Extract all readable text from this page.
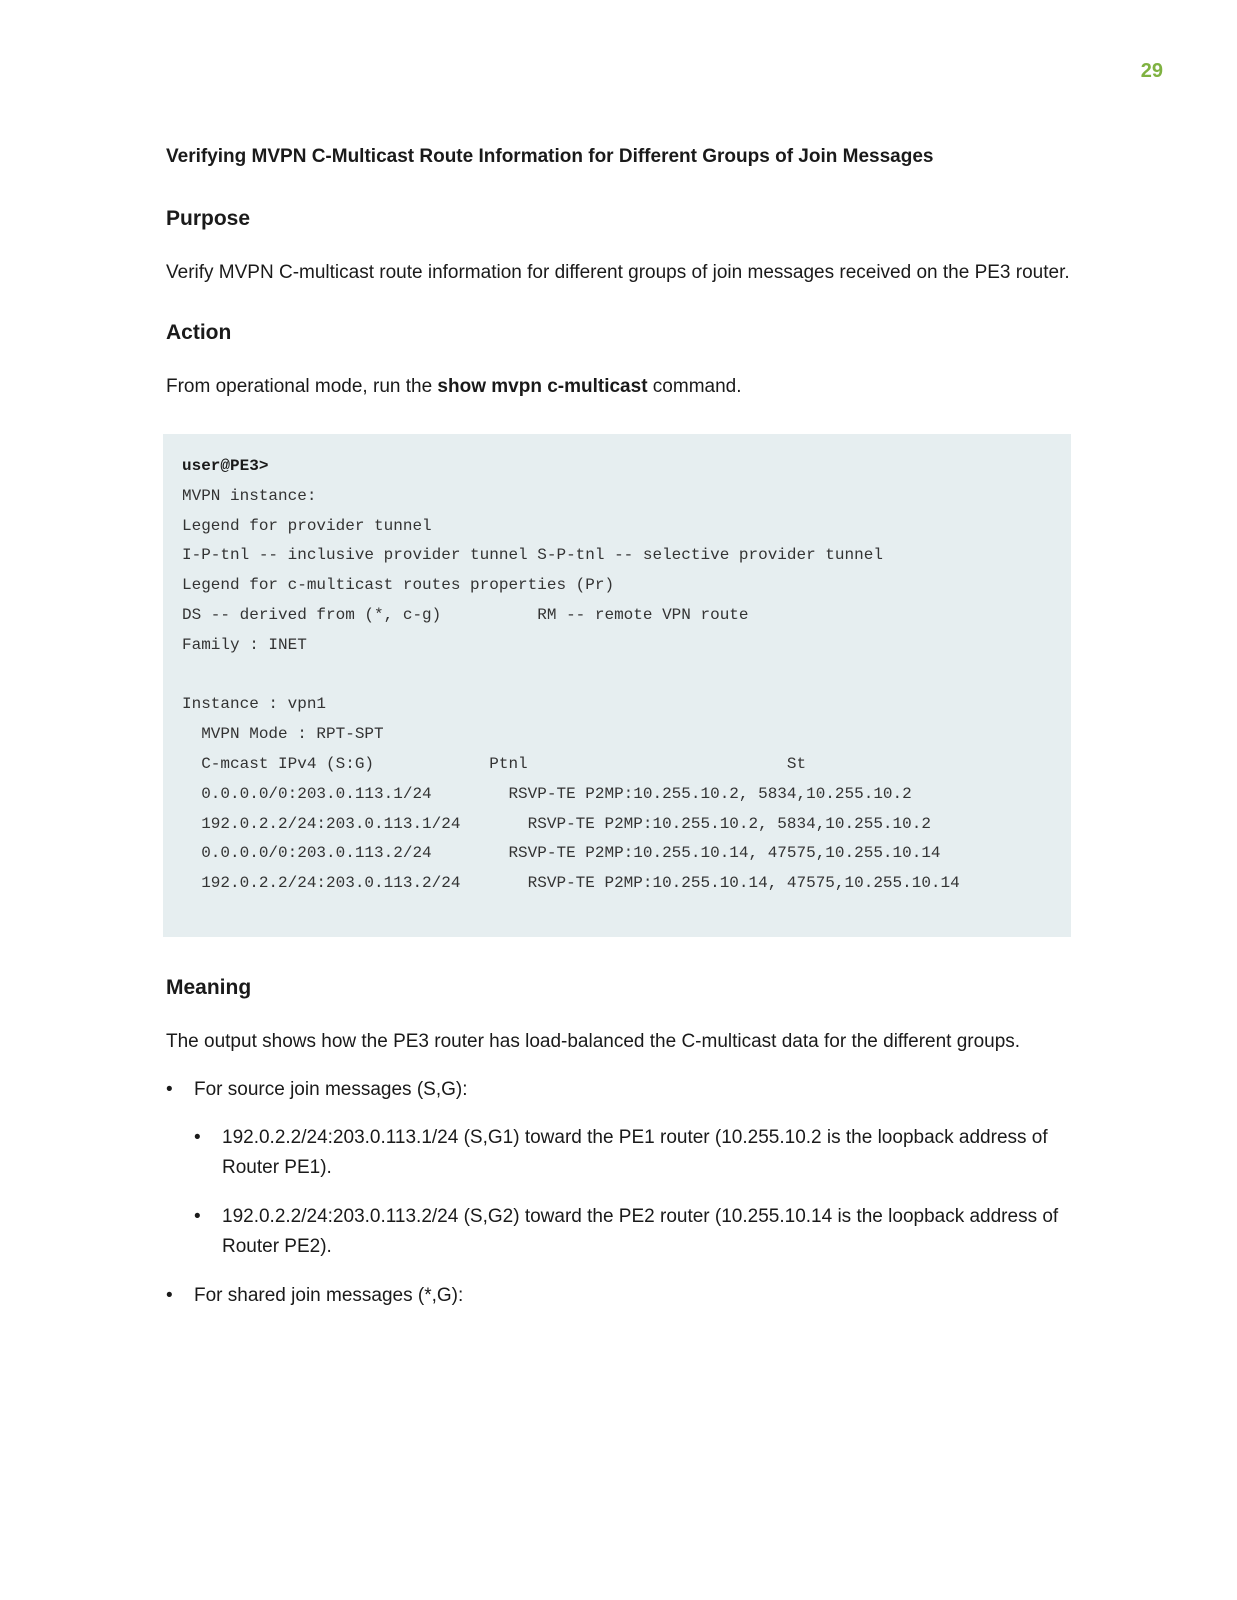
29
Verifying MVPN C-Multicast Route Information for Different Groups of Join Messages
Purpose
Verify MVPN C-multicast route information for different groups of join messages received on the PE3 router.
Action
From operational mode, run the show mvpn c-multicast command.
user@PE3>
MVPN instance:
Legend for provider tunnel
I-P-tnl -- inclusive provider tunnel S-P-tnl -- selective provider tunnel
Legend for c-multicast routes properties (Pr)
DS -- derived from (*, c-g)          RM -- remote VPN route
Family : INET
Instance : vpn1
MVPN Mode : RPT-SPT
C-mcast IPv4 (S:G)            Ptnl                           St
0.0.0.0/0:203.0.113.1/24        RSVP-TE P2MP:10.255.10.2, 5834,10.255.10.2
192.0.2.2/24:203.0.113.1/24       RSVP-TE P2MP:10.255.10.2, 5834,10.255.10.2
0.0.0.0/0:203.0.113.2/24        RSVP-TE P2MP:10.255.10.14, 47575,10.255.10.14
192.0.2.2/24:203.0.113.2/24       RSVP-TE P2MP:10.255.10.14, 47575,10.255.10.14
Meaning
The output shows how the PE3 router has load-balanced the C-multicast data for the different groups.
• For source join messages (S,G):
• 192.0.2.2/24:203.0.113.1/24 (S,G1) toward the PE1 router (10.255.10.2 is the loopback address of Router PE1).
• 192.0.2.2/24:203.0.113.2/24 (S,G2) toward the PE2 router (10.255.10.14 is the loopback address of Router PE2).
• For shared join messages (*,G):
